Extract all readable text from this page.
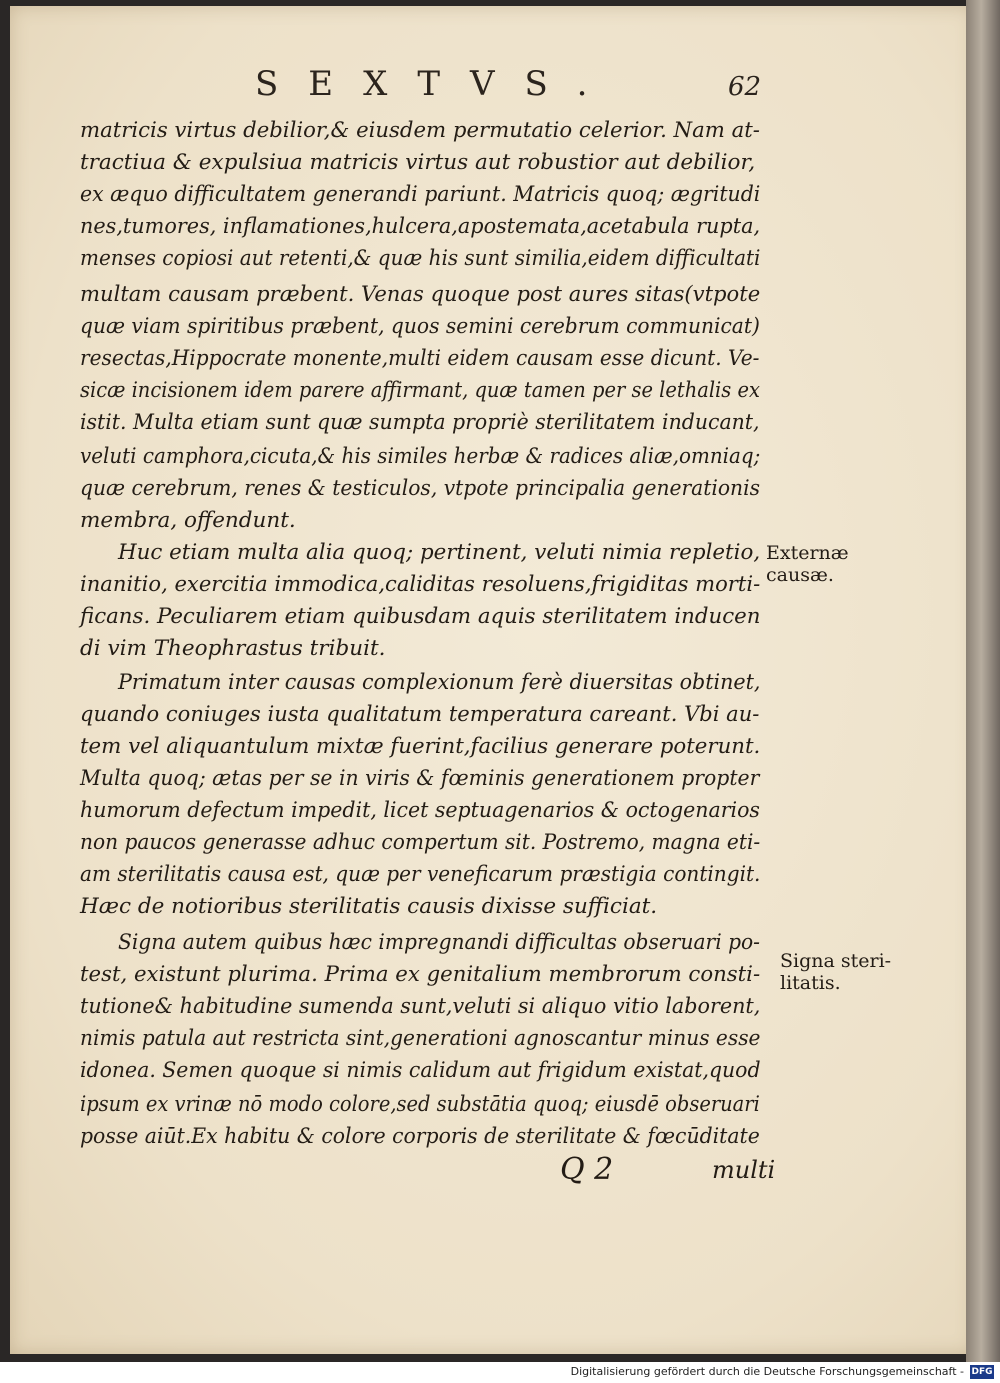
SEXTVS.	62
matricis virtus debilior,& eiusdem permutatio celerior. Nam at-
tractiua & expulsiua matricis virtus aut robustior aut debilior,
ex æquo difficultatem generandi pariunt. Matricis quoq; ægritudi
nes,tumores, inflamationes,hulcera,apostemata,acetabula rupta,
menses copiosi aut retenti,& quæ his sunt similia,eidem difficultati
multam causam præbent. Venas quoque post aures sitas(vtpote
quæ viam spiritibus præbent, quos semini cerebrum communicat)
resectas,Hippocrate monente,multi eidem causam esse dicunt. Ve-
sicæ incisionem idem parere affirmant, quæ tamen per se lethalis ex
istit. Multa etiam sunt quæ sumpta propriè sterilitatem inducant,
veluti camphora,cicuta,& his similes herbæ & radices aliæ,omniaq;
quæ cerebrum, renes & testiculos, vtpote principalia generationis
membra, offendunt.
Huc etiam multa alia quoq; pertinent, veluti nimia repletio,
inanitio, exercitia immodica,caliditas resoluens,frigiditas morti-
ficans. Peculiarem etiam quibusdam aquis sterilitatem inducen
di vim Theophrastus tribuit.
Primatum inter causas complexionum ferè diuersitas obtinet,
quando coniuges iusta qualitatum temperatura careant. Vbi au-
tem vel aliquantulum mixtæ fuerint,facilius generare poterunt.
Multa quoq; ætas per se in viris & fœminis generationem propter
humorum defectum impedit, licet septuagenarios & octogenarios
non paucos generasse adhuc compertum sit. Postremo, magna eti-
am sterilitatis causa est, quæ per veneficarum præstigia contingit.
Hæc de notioribus sterilitatis causis dixisse sufficiat.
Signa autem quibus hæc impregnandi difficultas obseruari po-
test, existunt plurima. Prima ex genitalium membrorum consti-
tutione& habitudine sumenda sunt,veluti si aliquo vitio laborent,
nimis patula aut restricta sint,generationi agnoscantur minus esse
idonea. Semen quoque si nimis calidum aut frigidum existat,quod
ipsum ex vrinæ nō modo colore,sed substātia quoq; eiusdē obseruari
posse aiūt.Ex habitu & colore corporis de sterilitate & fœcūditate
Externæ
causæ.
Signa steri-
litatis.
Q 2	multi
Digitalisierung gefördert durch die Deutsche Forschungsgemeinschaft - DFG
